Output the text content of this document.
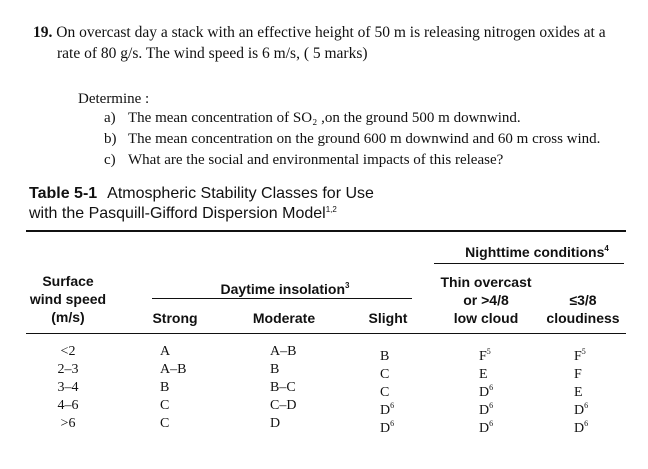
19. On overcast day a stack with an effective height of 50 m is releasing nitrogen oxides at a
rate of 80 g/s. The wind speed is 6 m/s, ( 5 marks)
Determine :
a) The mean concentration of SO₂ ,on the ground 500 m downwind.
b) The mean concentration on the ground 600 m downwind and 60 m cross wind.
c) What are the social and environmental impacts of this release?
Table 5-1 Atmospheric Stability Classes for Use
with the Pasquill-Gifford Dispersion Model$^{1,2}$
Nighttime conditions$^4$
Surface
wind speed
(m/s)
Daytime insolation$^3$	Thin overcast
or >4/8
low cloud
≤3/8
cloudiness
Strong	Moderate	Slight
<2	A	A–B	B	$F^5$	$F^5$
2–3	A–B	B	C	E	F
3–4	B	B–C	C	$D^6$	E
4–6	C	C–D	$D^6$	$D^6$	$D^6$
>6	C	D	$D^6$	$D^6$	$D^6$
